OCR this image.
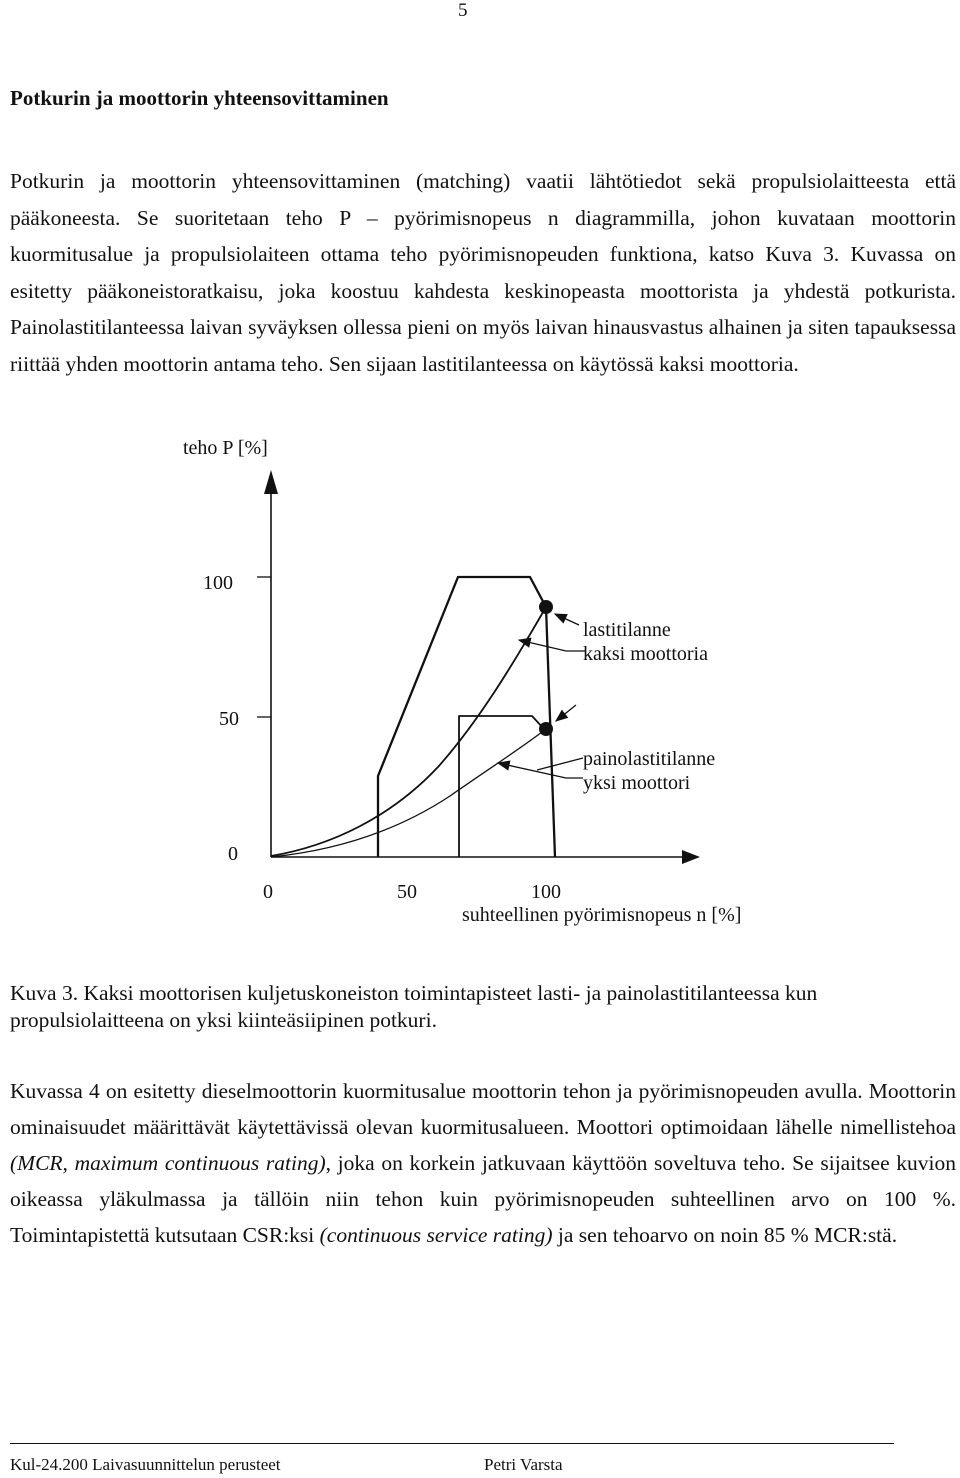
5
Potkurin ja moottorin yhteensovittaminen

Potkurin ja moottorin yhteensovittaminen (matching) vaatii lähtötiedot sekä propulsiolaitteesta että pääkoneesta. Se suoritetaan teho P – pyörimisnopeus n diagrammilla, johon kuvataan moottorin kuormitusalue ja propulsiolaiteen ottama teho pyörimisnopeuden funktiona, katso Kuva 3. Kuvassa on esitetty pääkoneistoratkaisu, joka koostuu kahdesta keskinopeasta moottorista ja yhdestä potkurista. Painolastitilanteessa laivan syväyksen ollessa pieni on myös laivan hinausvastus alhainen ja siten tapauksessa riittää yhden moottorin antama teho. Sen sijaan lastitilanteessa on käytössä kaksi moottoria.

teho P [%]
100
50
0
0	50	100
suhteellinen pyörimisnopeus n [%]
lastitilanne
kaksi moottoria
painolastitilanne
yksi moottori

Kuva 3. Kaksi moottorisen kuljetuskoneiston toimintapisteet lasti- ja painolastitilanteessa kun propulsiolaitteena on yksi kiinteäsiipinen potkuri.

Kuvassa 4 on esitetty dieselmoottorin kuormitusalue moottorin tehon ja pyörimisnopeuden avulla. Moottorin ominaisuudet määrittävät käytettävissä olevan kuormitusalueen. Moottori optimoidaan lähelle nimellistehoa (MCR, maximum continuous rating), joka on korkein jatkuvaan käyttöön soveltuva teho. Se sijaitsee kuvion oikeassa yläkulmassa ja tällöin niin tehon kuin pyörimisnopeuden suhteellinen arvo on 100 %. Toimintapistettä kutsutaan CSR:ksi (continuous service rating) ja sen tehoarvo on noin 85 % MCR:stä.

Kul-24.200 Laivasuunnittelun perusteet	Petri Varsta
